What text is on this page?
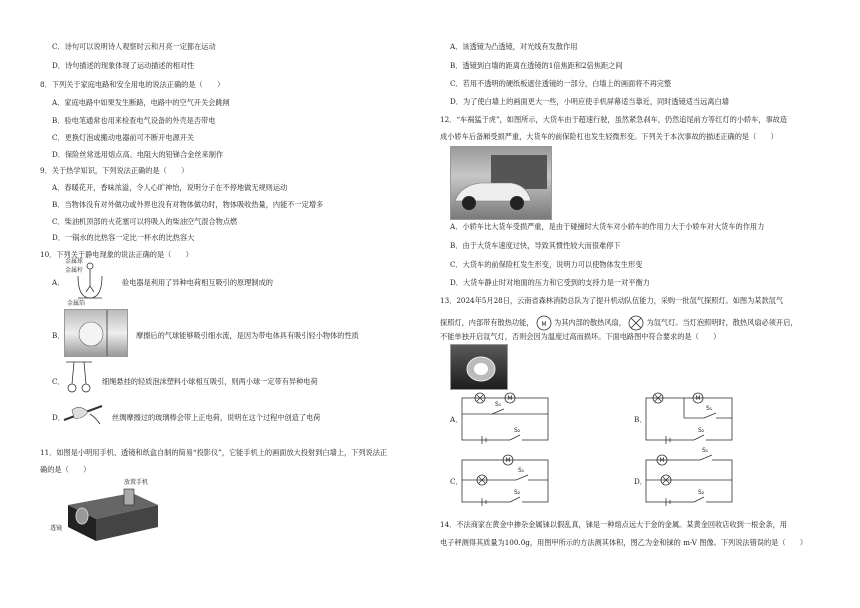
C．诗句可以说明诗人观察时云和月亮一定都在运动
D．诗句描述的现象体现了运动描述的相对性
8．下列关于家庭电路和安全用电的说法正确的是（　　）
A．家庭电路中如果发生断路，电路中的空气开关会跳闸
B．验电笔通常也用来检查电气设备的外壳是否带电
C．更换灯泡或搬动电器前可不断开电源开关
D．保险丝常选用熔点高、电阻大的铅锑合金丝来制作
9．关于热学知识，下列说法正确的是（　　）
A．春暖花开，香味浓溢，令人心旷神怡，说明分子在不停地做无规则运动
B．当物体没有对外做功或外界也没有对物体做功时，物体吸收热量，内能不一定增多
C．柴油机顶部的火花塞可以将吸入的柴油空气混合物点燃
D．一锅水的比热容一定比一杯水的比热容大
10．下列关于静电现象的说法正确的是（　　）
A．
金属球
金属杆
金属箔
验电器是利用了异种电荷相互吸引的原理制成的
B．	摩擦后的气球能够吸引细水流，是因为带电体具有吸引轻小物体的性质
C．	细绳悬挂的轻质泡沫塑料小球相互吸引，则两小球一定带有异种电荷
D．	丝绸摩擦过的玻璃棒会带上正电荷，说明在这个过程中创造了电荷
11．如图是小明用手机、透镜和纸盒自制的简易“投影仪”，它能手机上的画面放大投射到白墙上，下列说法正
确的是（　　）
放置手机
透镜
A．该透镜为凸透镜，对光线有发散作用
B．透镜到白墙的距离在透镜的1倍焦距和2倍焦距之间
C．若用不透明的硬纸板遮住透镜的一部分，白墙上的画面将不再完整
D．为了使白墙上的画面更大一些，小明应使手机屏幕适当靠近，同时透镜适当远离白墙
12．“车祸猛于虎”，如图所示，大货车由于超速行驶，虽然紧急刹车，仍然追尾前方等红灯的小轿车，事故造
成小轿车后备厢受损严重，大货车的前保险杠也发生轻微形变。下列关于本次事故的描述正确的是（　　）
A．小轿车比大货车受损严重，是由于碰撞时大货车对小轿车的作用力大于小轿车对大货车的作用力
B．由于大货车速度过快，导致其惯性较大而很难停下
C．大货车的前保险杠发生形变，说明力可以使物体发生形变
D．大货车静止时对地面的压力和它受到的支持力是一对平衡力
13．2024年5月28日，云南省森林消防总队为了提升机动队伍能力，采购一批氙气探照灯。如图为某款氙气
探照灯，内部带有散热功能， M 为其内部的散热风扇，	为氙气灯。当灯泡照明时，散热风扇必须开启，
不能单独开启氙气灯，否则会因为温度过高而损坏。下面电路图中符合要求的是（　　）
A．	B．
C．	D．
M
S₁
S₂
M
S₁
S₂
M
S₁
S₂
M
S₁
S₂
14．不法商家在黄金中掺杂金属铼以假乱真，铼是一种熔点远大于金的金属。某黄金回收店收到一根金条，用
电子秤测得其质量为100.0g，用图甲所示的方法测其体积，图乙为金和铼的 m-V 图像。下列说法错误的是（　　）
